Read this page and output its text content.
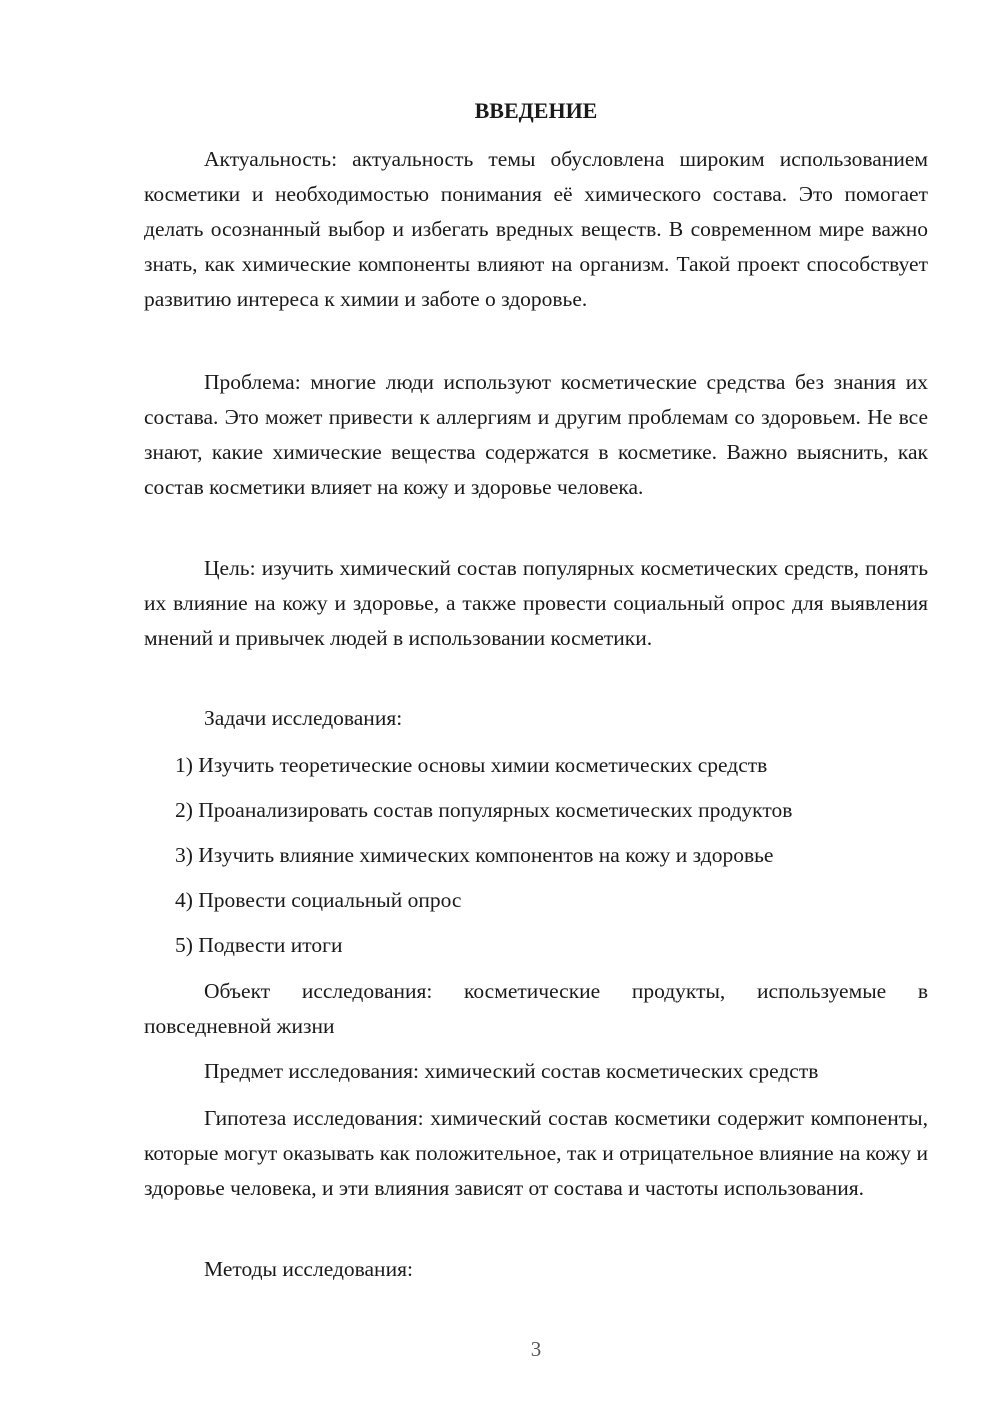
ВВЕДЕНИЕ

Актуальность: актуальность темы обусловлена широким использованием косметики и необходимостью понимания её химического состава. Это помогает делать осознанный выбор и избегать вредных веществ. В современном мире важно знать, как химические компоненты влияют на организм. Такой проект способствует развитию интереса к химии и заботе о здоровье.

Проблема: многие люди используют косметические средства без знания их состава. Это может привести к аллергиям и другим проблемам со здоровьем. Не все знают, какие химические вещества содержатся в косметике. Важно выяснить, как состав косметики влияет на кожу и здоровье человека.

Цель: изучить химический состав популярных косметических средств, понять их влияние на кожу и здоровье, а также провести социальный опрос для выявления мнений и привычек людей в использовании косметики.

Задачи исследования:

1) Изучить теоретические основы химии косметических средств

2) Проанализировать состав популярных косметических продуктов

3) Изучить влияние химических компонентов на кожу и здоровье

4) Провести социальный опрос

5) Подвести итоги

Объект исследования: косметические продукты, используемые в повседневной жизни

Предмет исследования: химический состав косметических средств

Гипотеза исследования: химический состав косметики содержит компоненты, которые могут оказывать как положительное, так и отрицательное влияние на кожу и здоровье человека, и эти влияния зависят от состава и частоты использования.

Методы исследования:

3
